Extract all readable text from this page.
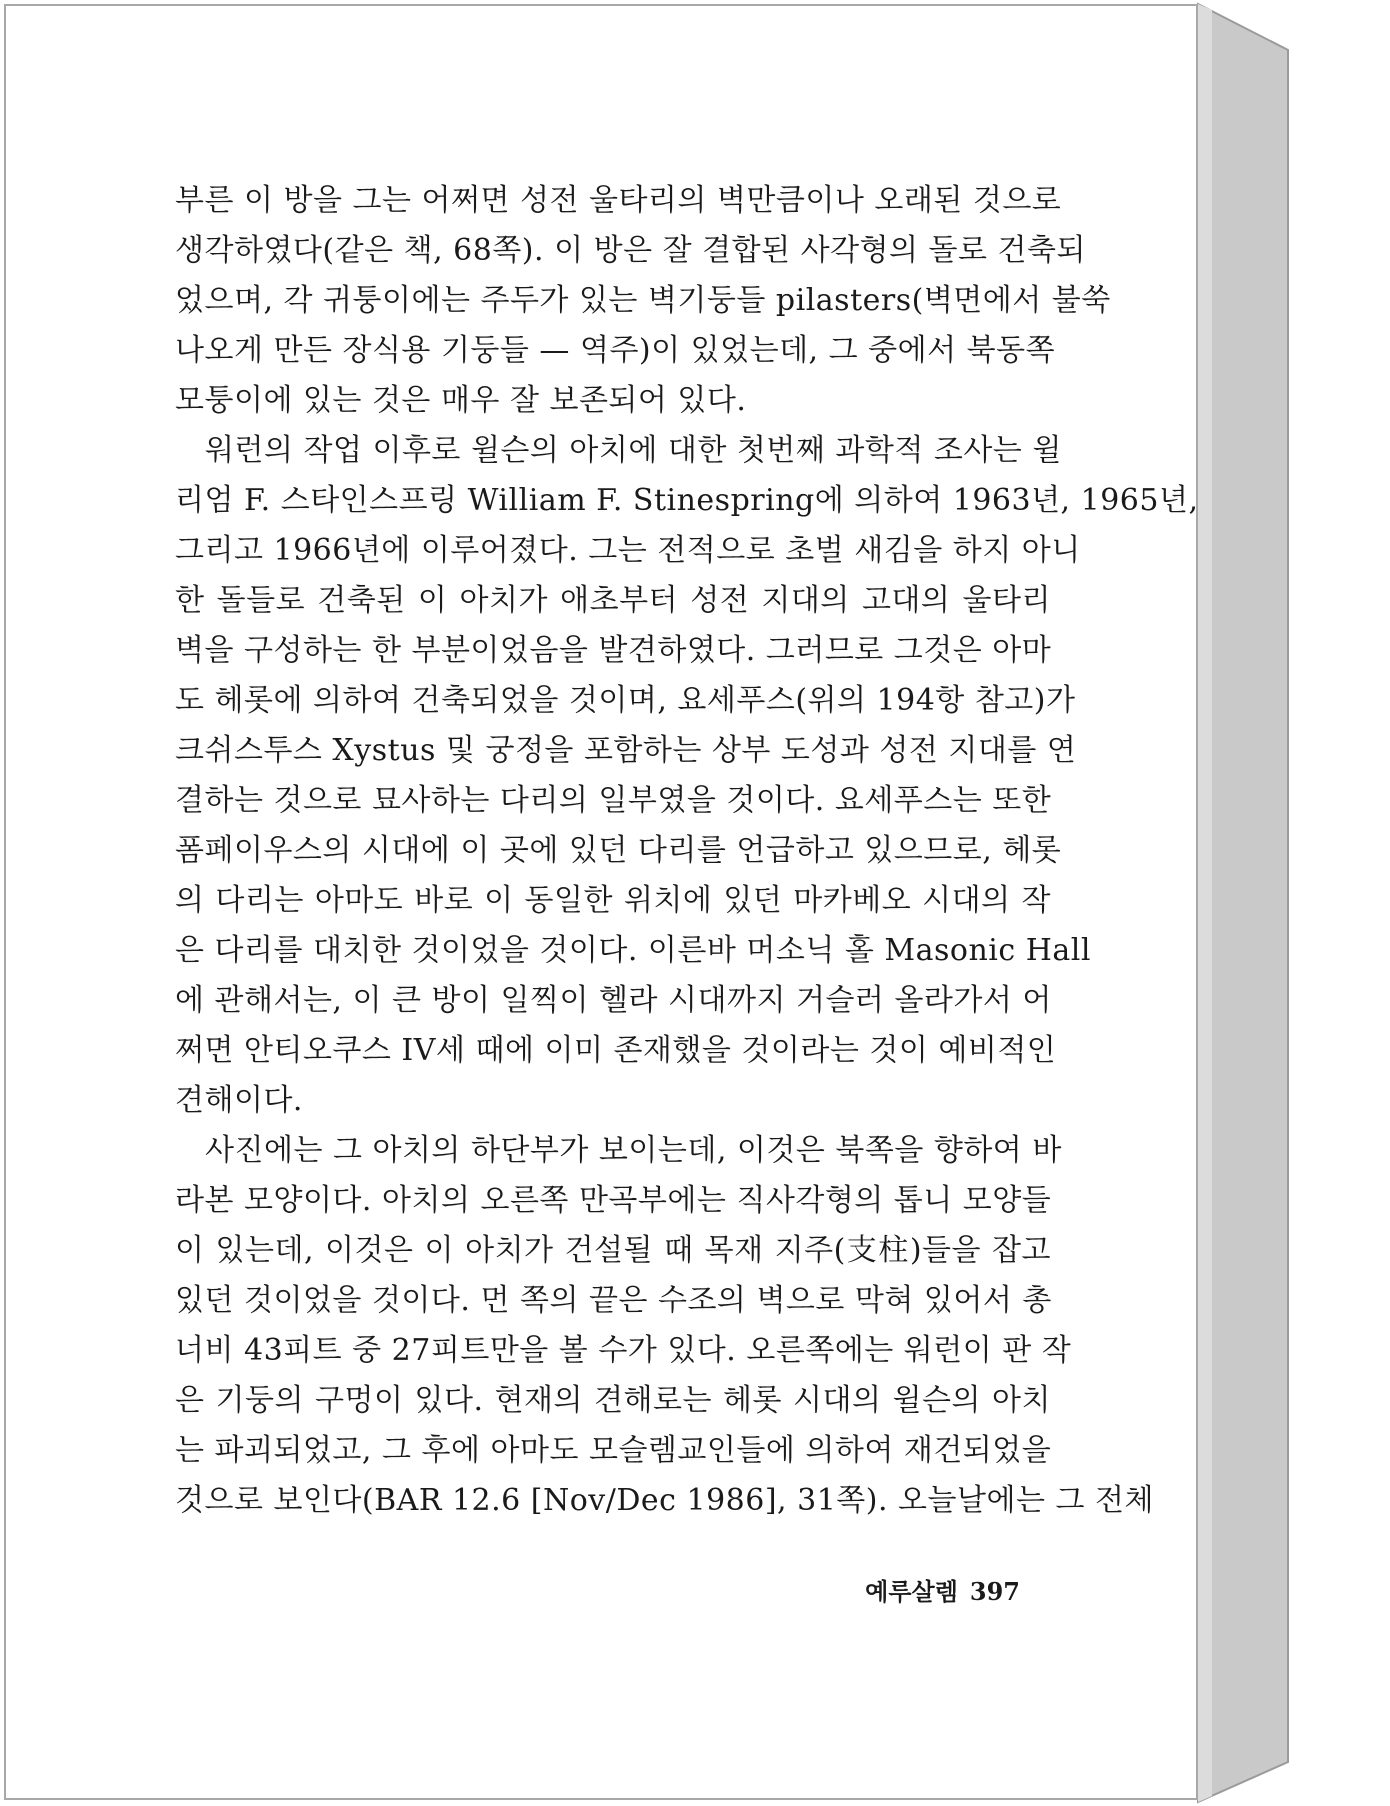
부른 이 방을 그는 어쩌면 성전 울타리의 벽만큼이나 오래된 것으로
생각하였다(같은 책, 68쪽). 이 방은 잘 결합된 사각형의 돌로 건축되
었으며, 각 귀퉁이에는 주두가 있는 벽기둥들 pilasters(벽면에서 불쑥
나오게 만든 장식용 기둥들 — 역주)이 있었는데, 그 중에서 북동쪽
모퉁이에 있는 것은 매우 잘 보존되어 있다.
워런의 작업 이후로 윌슨의 아치에 대한 첫번째 과학적 조사는 윌
리엄 F. 스타인스프링 William F. Stinespring에 의하여 1963년, 1965년,
그리고 1966년에 이루어졌다. 그는 전적으로 초벌 새김을 하지 아니
한 돌들로 건축된 이 아치가 애초부터 성전 지대의 고대의 울타리
벽을 구성하는 한 부분이었음을 발견하였다. 그러므로 그것은 아마
도 헤롯에 의하여 건축되었을 것이며, 요세푸스(위의 194항 참고)가
크쉬스투스 Xystus 및 궁정을 포함하는 상부 도성과 성전 지대를 연
결하는 것으로 묘사하는 다리의 일부였을 것이다. 요세푸스는 또한
폼페이우스의 시대에 이 곳에 있던 다리를 언급하고 있으므로, 헤롯
의 다리는 아마도 바로 이 동일한 위치에 있던 마카베오 시대의 작
은 다리를 대치한 것이었을 것이다. 이른바 머소닉 홀 Masonic Hall
에 관해서는, 이 큰 방이 일찍이 헬라 시대까지 거슬러 올라가서 어
쩌면 안티오쿠스 IV세 때에 이미 존재했을 것이라는 것이 예비적인
견해이다.
사진에는 그 아치의 하단부가 보이는데, 이것은 북쪽을 향하여 바
라본 모양이다. 아치의 오른쪽 만곡부에는 직사각형의 톱니 모양들
이 있는데, 이것은 이 아치가 건설될 때 목재 지주(支柱)들을 잡고
있던 것이었을 것이다. 먼 쪽의 끝은 수조의 벽으로 막혀 있어서 총
너비 43피트 중 27피트만을 볼 수가 있다. 오른쪽에는 워런이 판 작
은 기둥의 구멍이 있다. 현재의 견해로는 헤롯 시대의 윌슨의 아치
는 파괴되었고, 그 후에 아마도 모슬렘교인들에 의하여 재건되었을
것으로 보인다(BAR 12.6 [Nov/Dec 1986], 31쪽). 오늘날에는 그 전체
예루살렘 397
